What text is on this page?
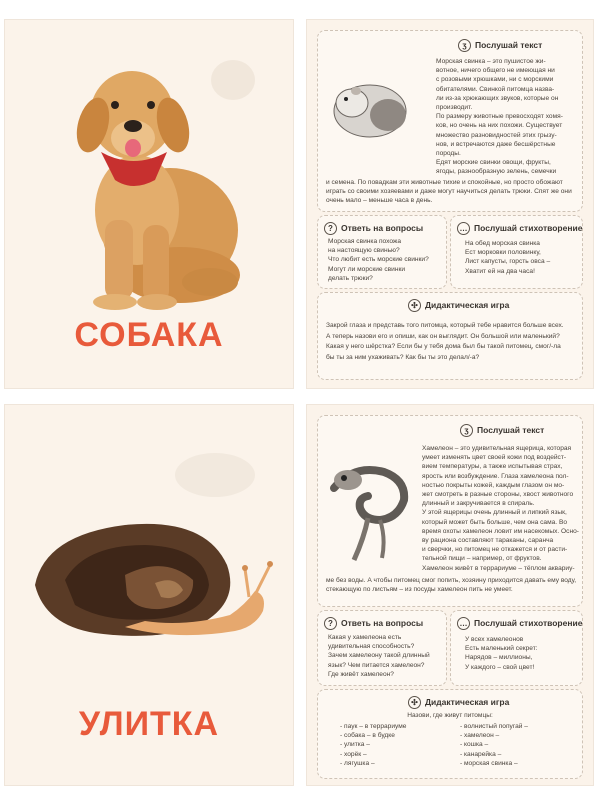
СОБАКА
ʒ Послушай текст

Морская свинка – это пушистое жи-

вотное, ничего общего не имеющая ни

с розовыми хрюшками, ни с морскими

обитателями. Свинкой питомца назва-

ли из-за хрюкающих звуков, которые он

производит.

По размеру животные превосходят хомя-

ков, но очень на них похожи. Существует

множество разновидностей этих грызу-

нов, и встречаются даже бесшёрстные

породы.

Едят морские свинки овощи, фрукты,

ягоды, разнообразную зелень, семечки

и семена. По повадкам эти животные тихие и спокойные, но просто обожают

играть со своими хозяевами и даже могут научиться делать трюки. Спят же они

очень мало – меньше часа в день.

? Ответь на вопросы

Морская свинка похожа

на настоящую свинью?

Что любит есть морские свинки?

Могут ли морские свинки

делать трюки?

… Послушай стихотворение

На обед морская свинка

Ест морковки половинку,

Лист капусты, горсть овса –

Хватит ей на два часа!

✣ Дидактическая игра

Закрой глаза и представь того питомца, который тебе нравится больше всех.

А теперь назови его и опиши, как он выглядит. Он большой или маленький?

Какая у него шёрстка? Если бы у тебя дома был бы такой питомец, смог/-ла

бы ты за ним ухаживать? Как бы ты это делал/-а?

УЛИТКА
ʒ Послушай текст

Хамелеон – это удивительная ящерица, которая

умеет изменять цвет своей кожи под воздейст-

вием температуры, а также испытывая страх,

ярость или возбуждение. Глаза хамелеона пол-

ностью покрыты кожей, каждым глазом он мо-

жет смотреть в разные стороны, хвост животного

длинный и закручивается в спираль.

У этой ящерицы очень длинный и липкий язык,

который может быть больше, чем она сама. Во

время охоты хамелеон ловит им насекомых. Осно-

ву рациона составляют тараканы, саранча

и сверчки, но питомец не откажется и от расти-

тельной пищи – например, от фруктов.

Хамелеон живёт в террариуме – тёплом аквариу-

ме без воды. А чтобы питомец смог попить, хозяину приходится давать ему воду,

стекающую по листьям – из посуды хамелеон пить не умеет.

? Ответь на вопросы

Какая у хамелеона есть

удивительная способность?

Зачем хамелеону такой длинный

язык? Чем питается хамелеон?

Где живёт хамелеон?

… Послушай стихотворение

У всех хамелеонов

Есть маленький секрет:

Нарядов – миллионы,

У каждого – свой цвет!

✣ Дидактическая игра
Назови, где живут питомцы:

- паук – в террариуме

- собака – в будке

- улитка –

- хорёк –

- лягушка –

- волнистый попугай –

- хамелеон –

- кошка –

- канарейка –

- морская свинка –
